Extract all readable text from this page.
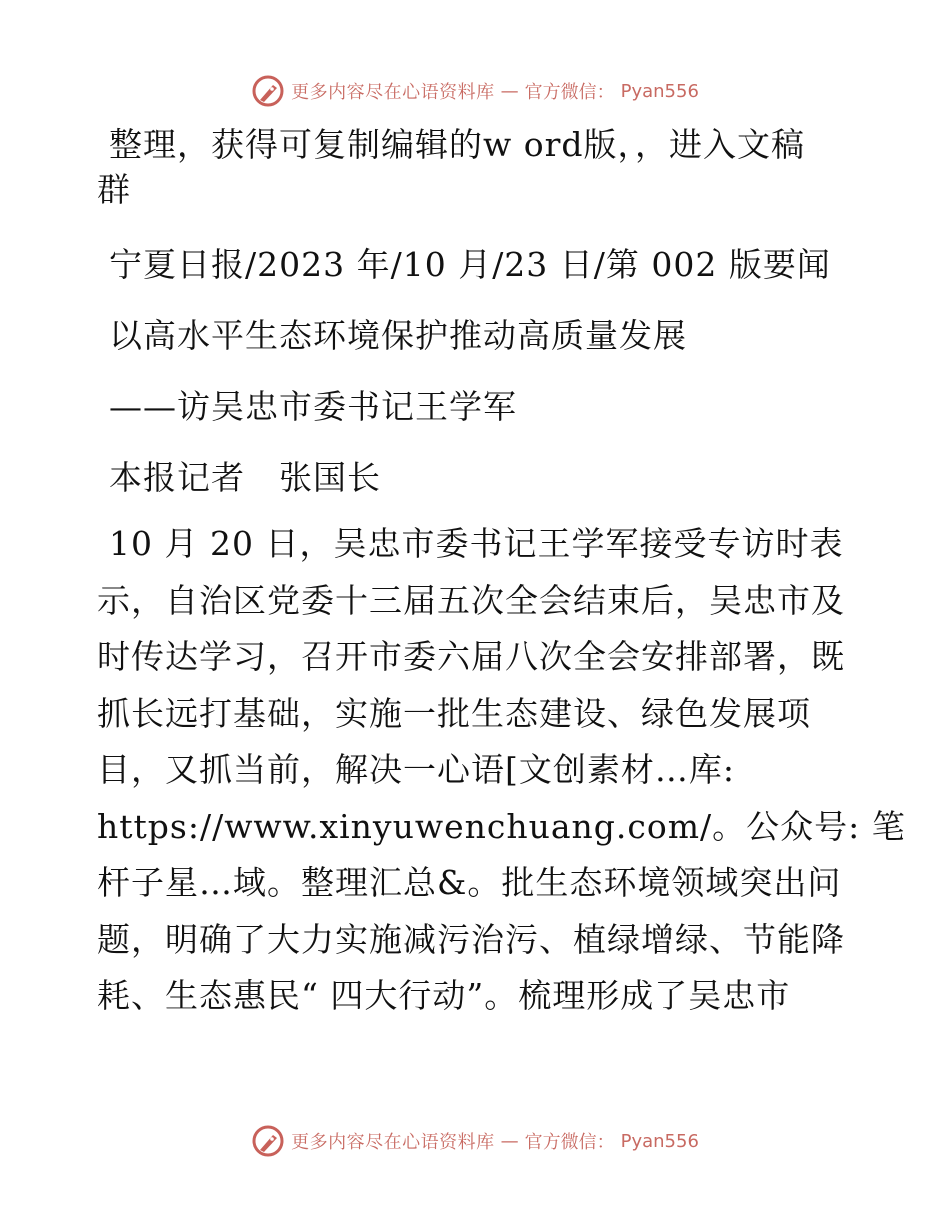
更多内容尽在心语资料库 — 官方微信： Pyan556
整理，获得可复制编辑的w ord版，，进入文稿
群
宁夏日报/2023 年/10 月/23 日/第 002 版要闻
以高水平生态环境保护推动高质量发展
——访吴忠市委书记王学军
本报记者　张国长
10 月 20 日，吴忠市委书记王学军接受专访时表
示，自治区党委十三届五次全会结束后，吴忠市及
时传达学习，召开市委六届八次全会安排部署，既
抓长远打基础，实施一批生态建设、绿色发展项
目，又抓当前，解决一心语[文创素材…库:
https://www.xinyuwenchuang.com/。公众号: 笔
杆子星…域。整理汇总&。批生态环境领域突出问
题，明确了大力实施减污治污、植绿增绿、节能降
耗、生态惠民“ 四大行动”。梳理形成了吴忠市
更多内容尽在心语资料库 — 官方微信： Pyan556
